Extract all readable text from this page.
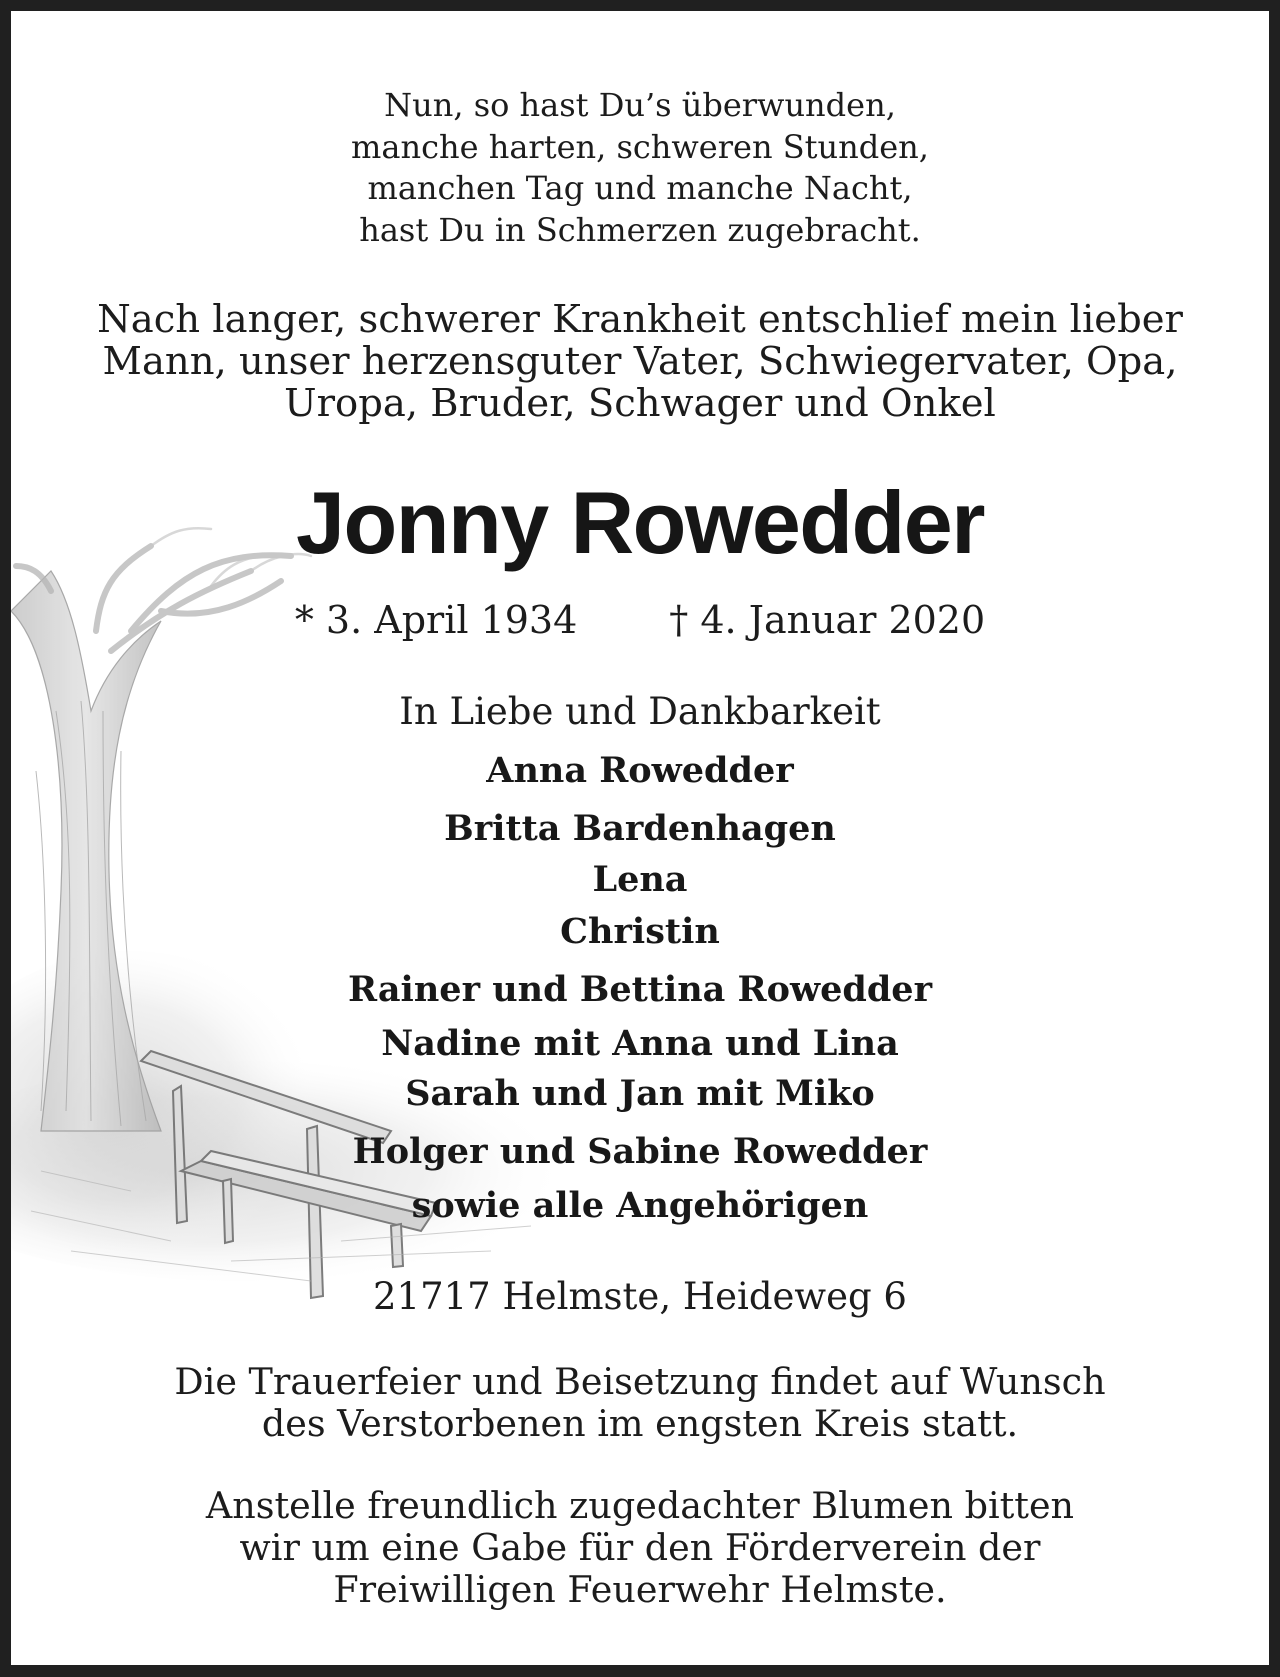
Nun, so hast Du’s überwunden,
manche harten, schweren Stunden,
manchen Tag und manche Nacht,
hast Du in Schmerzen zugebracht.
Nach langer, schwerer Krankheit entschlief mein lieber
Mann, unser herzensguter Vater, Schwiegervater, Opa,
Uropa, Bruder, Schwager und Onkel
Jonny Rowedder
* 3. April 1934 † 4. Januar 2020
In Liebe und Dankbarkeit
Anna Rowedder
Britta Bardenhagen
Lena
Christin
Rainer und Bettina Rowedder
Nadine mit Anna und Lina
Sarah und Jan mit Miko
Holger und Sabine Rowedder
sowie alle Angehörigen
21717 Helmste, Heideweg 6
Die Trauerfeier und Beisetzung findet auf Wunsch
des Verstorbenen im engsten Kreis statt.
Anstelle freundlich zugedachter Blumen bitten
wir um eine Gabe für den Förderverein der
Freiwilligen Feuerwehr Helmste.
